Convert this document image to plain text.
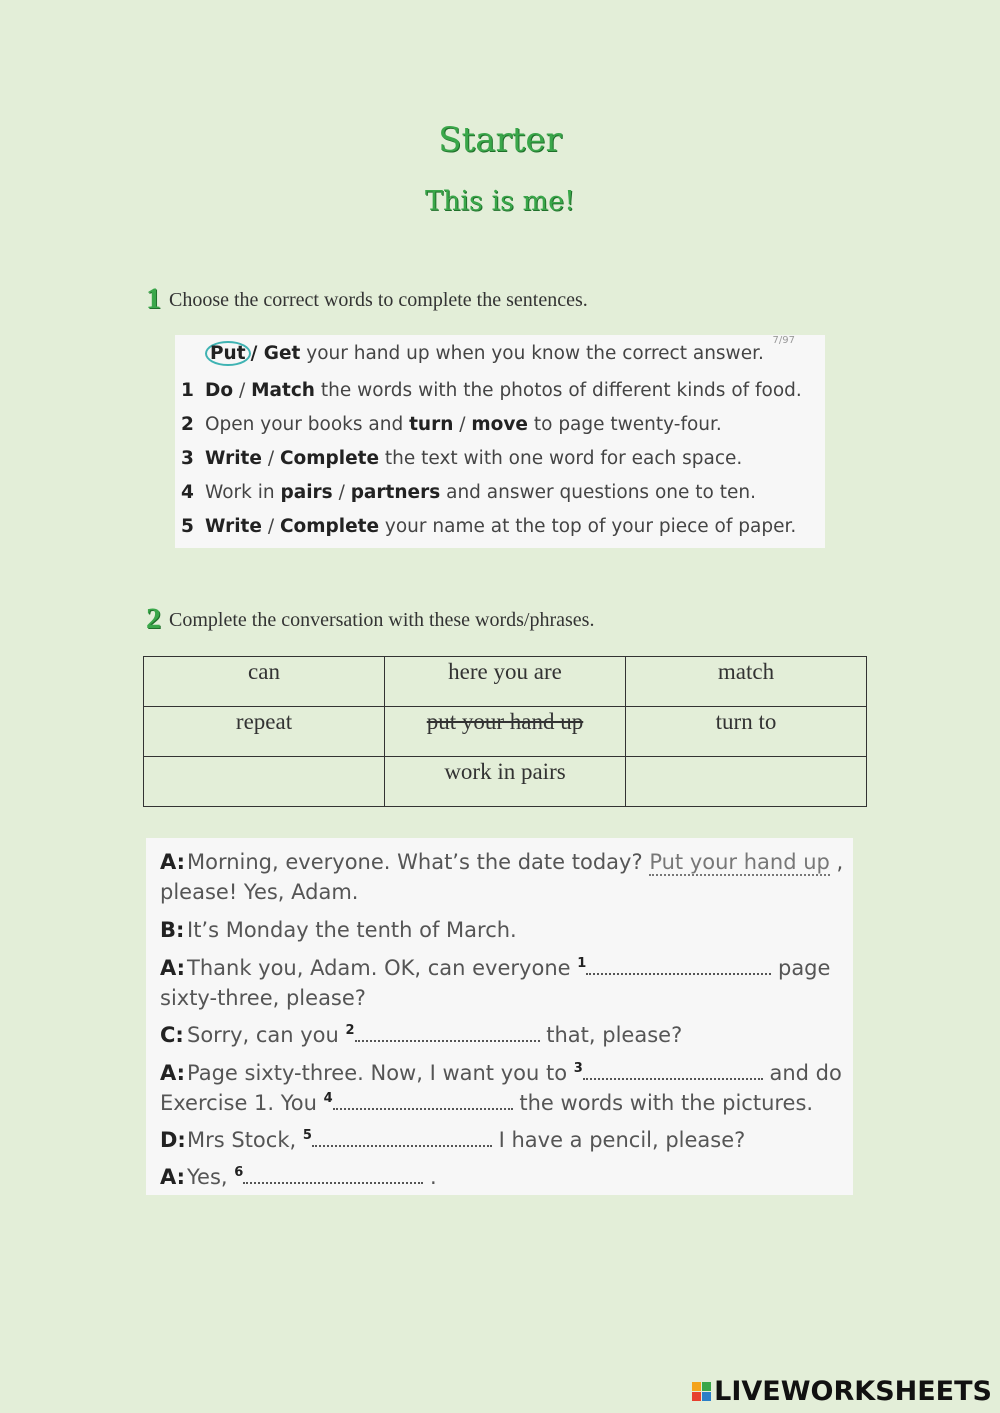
Starter
This is me!
1 Choose the correct words to complete the sentences.
7/97
Put / Get your hand up when you know the correct answer.
1 Do / Match the words with the photos of different kinds of food.
2 Open your books and turn / move to page twenty-four.
3 Write / Complete the text with one word for each space.
4 Work in pairs / partners and answer questions one to ten.
5 Write / Complete your name at the top of your piece of paper.
2 Complete the conversation with these words/phrases.
can	here you are	match
repeat	put your hand up	turn to
	work in pairs	
A:Morning, everyone. What’s the date today? Put your hand up ,
please! Yes, Adam.
B: It’s Monday the tenth of March.
A:Thank you, Adam. OK, can everyone $^1$	page
sixty-three, please?
C: Sorry, can you $^2$	that, please?
A:Page sixty-three. Now, I want you to $^3$	and do
Exercise 1. You $^4$	the words with the pictures.
D:Mrs Stock, $^5$	I have a pencil, please?
A:Yes, $^6$	.
LIVEWORKSHEETS
